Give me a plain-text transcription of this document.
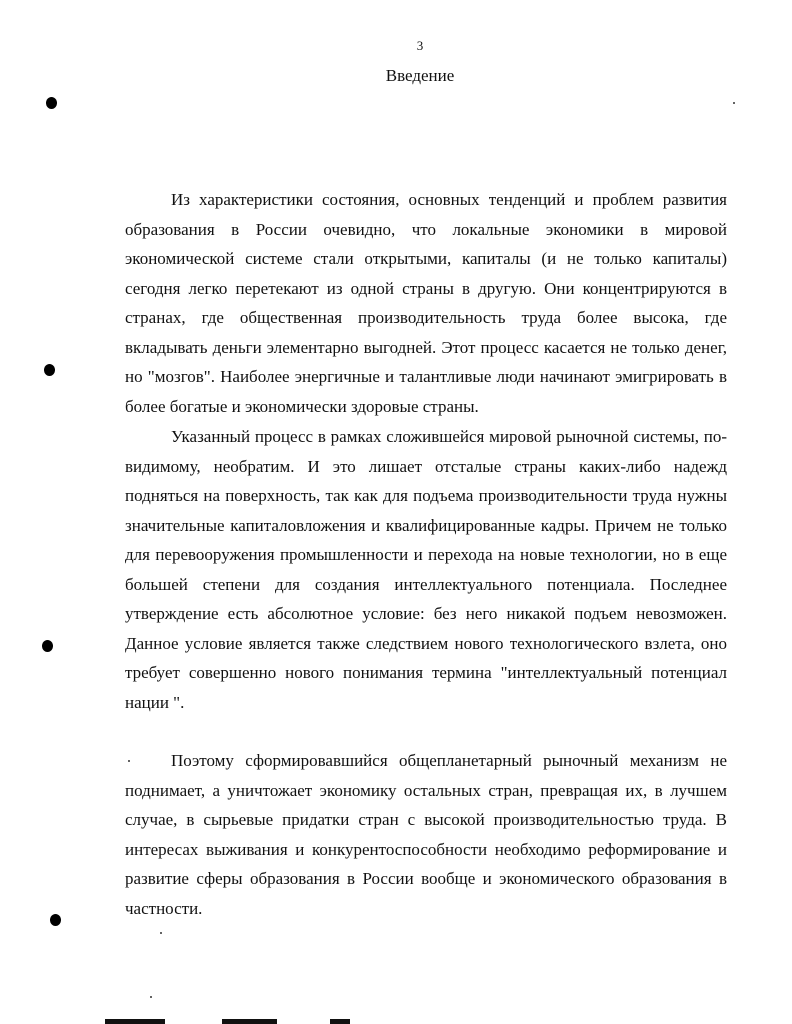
3
Введение

Из характеристики состояния, основных тенденций и проблем развития образования в России очевидно, что локальные экономики в мировой экономической системе стали открытыми, капиталы (и не только капиталы) сегодня легко перетекают из одной страны в другую. Они концентрируются в странах, где общественная производительность труда более высока, где вкладывать деньги элементарно выгодней. Этот процесс касается не только денег, но "мозгов". Наиболее энергичные и талантливые люди начинают эмигрировать в более богатые и экономически здоровые страны.

Указанный процесс в рамках сложившейся мировой рыночной системы, по-видимому, необратим. И это лишает отсталые страны каких-либо надежд подняться на поверхность, так как для подъема производительности труда нужны значительные капиталовложения и квалифицированные кадры. Причем не только для перевооружения промышленности и перехода на новые технологии, но в еще большей степени для создания интеллектуального потенциала. Последнее утверждение есть абсолютное условие: без него никакой подъем невозможен. Данное условие является также следствием нового технологического взлета, оно требует совершенно нового понимания термина "интеллектуальный потенциал нации ".

Поэтому сформировавшийся общепланетарный рыночный механизм не поднимает, а уничтожает экономику остальных стран, превращая их, в лучшем случае, в сырьевые придатки стран с высокой производительностью труда. В интересах выживания и конкурентоспособности необходимо реформирование и развитие сферы образования в России вообще и экономического образования в частности.
